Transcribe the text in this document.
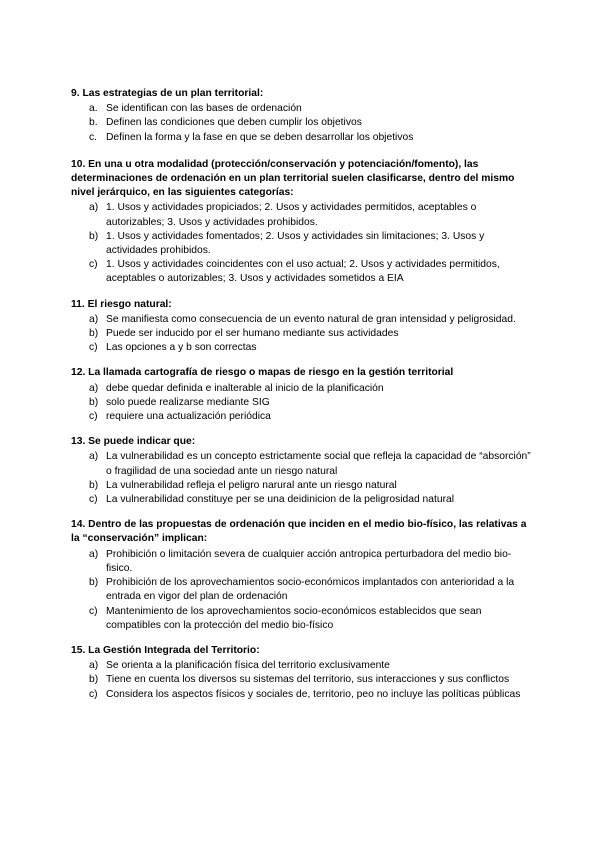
9. Las estrategias de un plan territorial:

a. Se identifican con las bases de ordenación
b. Definen las condiciones que deben cumplir los objetivos
c. Definen la forma y la fase en que se deben desarrollar los objetivos

10. En una u otra modalidad (protección/conservación y potenciación/fomento), las determinaciones de ordenación en un plan territorial suelen clasificarse, dentro del mismo nivel jerárquico, en las siguientes categorías:

a) 1. Usos y actividades propiciados; 2. Usos y actividades permitidos, aceptables o autorizables; 3. Usos y actividades prohibidos.
b) 1. Usos y actividades fomentados; 2. Usos y actividades sin limitaciones; 3. Usos y actividades prohibidos.
c) 1. Usos y actividades coincidentes con el uso actual; 2. Usos y actividades permitidos, aceptables o autorizables; 3. Usos y actividades sometidos a EIA

11. El riesgo natural:

a) Se manifiesta como consecuencia de un evento natural de gran intensidad y peligrosidad.
b) Puede ser inducido por el ser humano mediante sus actividades
c) Las opciones a y b son correctas

12. La llamada cartografía de riesgo o mapas de riesgo en la gestión territorial

a) debe quedar definida e inalterable al inicio de la planificación
b) solo puede realizarse mediante SIG
c) requiere una actualización periódica

13. Se puede indicar que:

a) La vulnerabilidad es un concepto estrictamente social que refleja la capacidad de “absorción” o fragilidad de una sociedad ante un riesgo natural
b) La vulnerabilidad refleja el peligro narural ante un riesgo natural
c) La vulnerabilidad constituye per se una deidinicion de la peligrosidad natural

14. Dentro de las propuestas de ordenación que inciden en el medio bio-físico, las relativas a la “conservación” implican:

a) Prohibición o limitación severa de cualquier acción antropica perturbadora del medio bio-fisico.
b) Prohibición de los aprovechamientos socio-económicos implantados con anterioridad a la entrada en vigor del plan de ordenación
c) Mantenimiento de los aprovechamientos socio-económicos establecidos que sean compatibles con la protección del medio bio-físico

15. La Gestión Integrada del Territorio:

a) Se orienta a la planificación física del territorio exclusivamente
b) Tiene en cuenta los diversos su sistemas del territorio, sus interacciones y sus conflictos
c) Considera los aspectos físicos y sociales de, territorio, peo no incluye las políticas públicas
